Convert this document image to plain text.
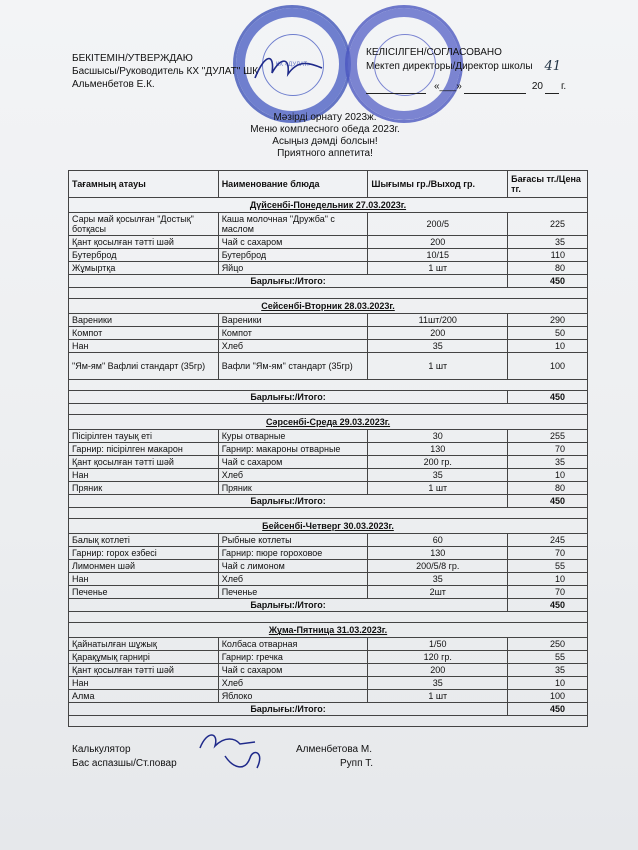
КХ «ДУЛАТ»
БЕКІТЕМІН/УТВЕРЖДАЮ
Басшысы/Руководитель КХ "ДУЛАТ" ШК
Альменбетов Е.К.
КЕЛІСІЛГЕН/СОГЛАСОВАНО
Мектеп директоры/Директор школы 41
«___»	20 г.
Мәзірді орнату 2023ж.
Меню комплесного обеда 2023г.
Асыңыз дәмді болсын!
Приятного аппетита!
Тағамның атауы	Наименование блюда	Шығымы гр./Выход гр.	Бағасы тг./Цена тг.
Дүйсенбі-Понедельник 27.03.2023г.			
Сары май қосылған "Достық" ботқасы	Каша молочная "Дружба" с маслом	200/5	225
Қант қосылған тәтті шәй	Чай с сахаром	200	35
Бутерброд	Бутерброд	10/15	110
Жұмыртқа	Яйцо	1 шт	80
Барлығы:/Итого:			450

Сейсенбі-Вторник 28.03.2023г.			
Вареники	Вареники	11шт/200	290
Компот	Компот	200	50
Нан	Хлеб	35	10
"Ям-ям" Вафлиі стандарт (35гр)	Вафли "Ям-ям" стандарт (35гр)	1 шт	100

Барлығы:/Итого:			450

Сәрсенбі-Среда 29.03.2023г.			
Пісірілген тауық еті	Куры отварные	30	255
Гарнир: пісірілген макарон	Гарнир: макароны отварные	130	70
Қант қосылған тәтті шәй	Чай с сахаром	200 гр.	35
Нан	Хлеб	35	10
Пряник	Пряник	1 шт	80
Барлығы:/Итого:			450

Бейсенбі-Четверг 30.03.2023г.			
Балық котлеті	Рыбные котлеты	60	245
Гарнир: горох езбесі	Гарнир: пюре гороховое	130	70
Лимонмен шәй	Чай с лимоном	200/5/8 гр.	55
Нан	Хлеб	35	10
Печенье	Печенье	2шт	70
Барлығы:/Итого:			450

Жұма-Пятница 31.03.2023г.			
Қайнатылған шұжық	Колбаса отварная	1/50	250
Қарақұмық гарнирі	Гарнир: гречка	120 гр.	55
Қант қосылған тәтті шәй	Чай с сахаром	200	35
Нан	Хлеб	35	10
Алма	Яблоко	1 шт	100
Барлығы:/Итого:			450

Калькулятор
Бас аспазшы/Ст.повар
Алменбетова М.
Рупп Т.
